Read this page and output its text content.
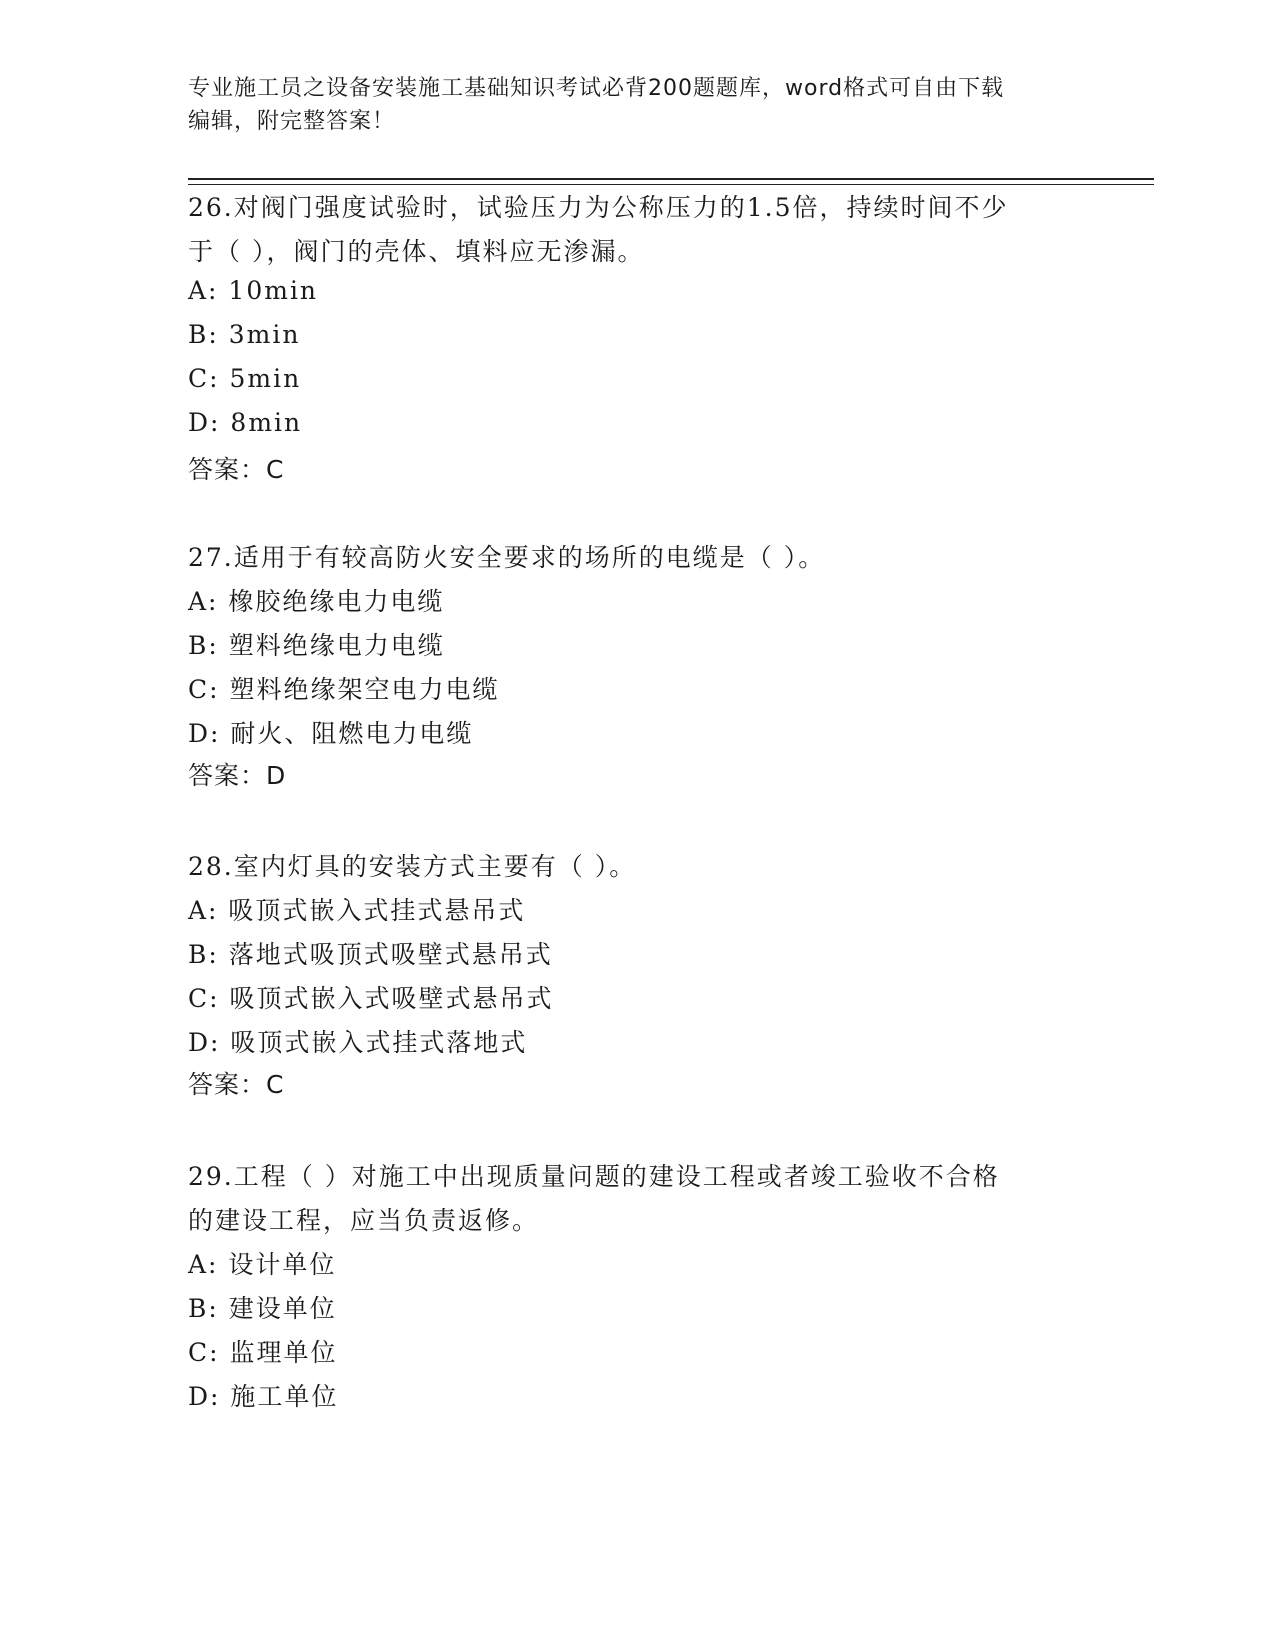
专业施工员之设备安装施工基础知识考试必背200题题库，word格式可自由下载
编辑，附完整答案！
26.对阀门强度试验时，试验压力为公称压力的1.5倍，持续时间不少
于（ ），阀门的壳体、填料应无渗漏。
A: 10min
B: 3min
C: 5min
D: 8min
答案：C
27.适用于有较高防火安全要求的场所的电缆是（ ）。
A: 橡胶绝缘电力电缆
B: 塑料绝缘电力电缆
C: 塑料绝缘架空电力电缆
D: 耐火、阻燃电力电缆
答案：D
28.室内灯具的安装方式主要有（ ）。
A: 吸顶式嵌入式挂式悬吊式
B: 落地式吸顶式吸壁式悬吊式
C: 吸顶式嵌入式吸壁式悬吊式
D: 吸顶式嵌入式挂式落地式
答案：C
29.工程（ ）对施工中出现质量问题的建设工程或者竣工验收不合格
的建设工程，应当负责返修。
A: 设计单位
B: 建设单位
C: 监理单位
D: 施工单位
